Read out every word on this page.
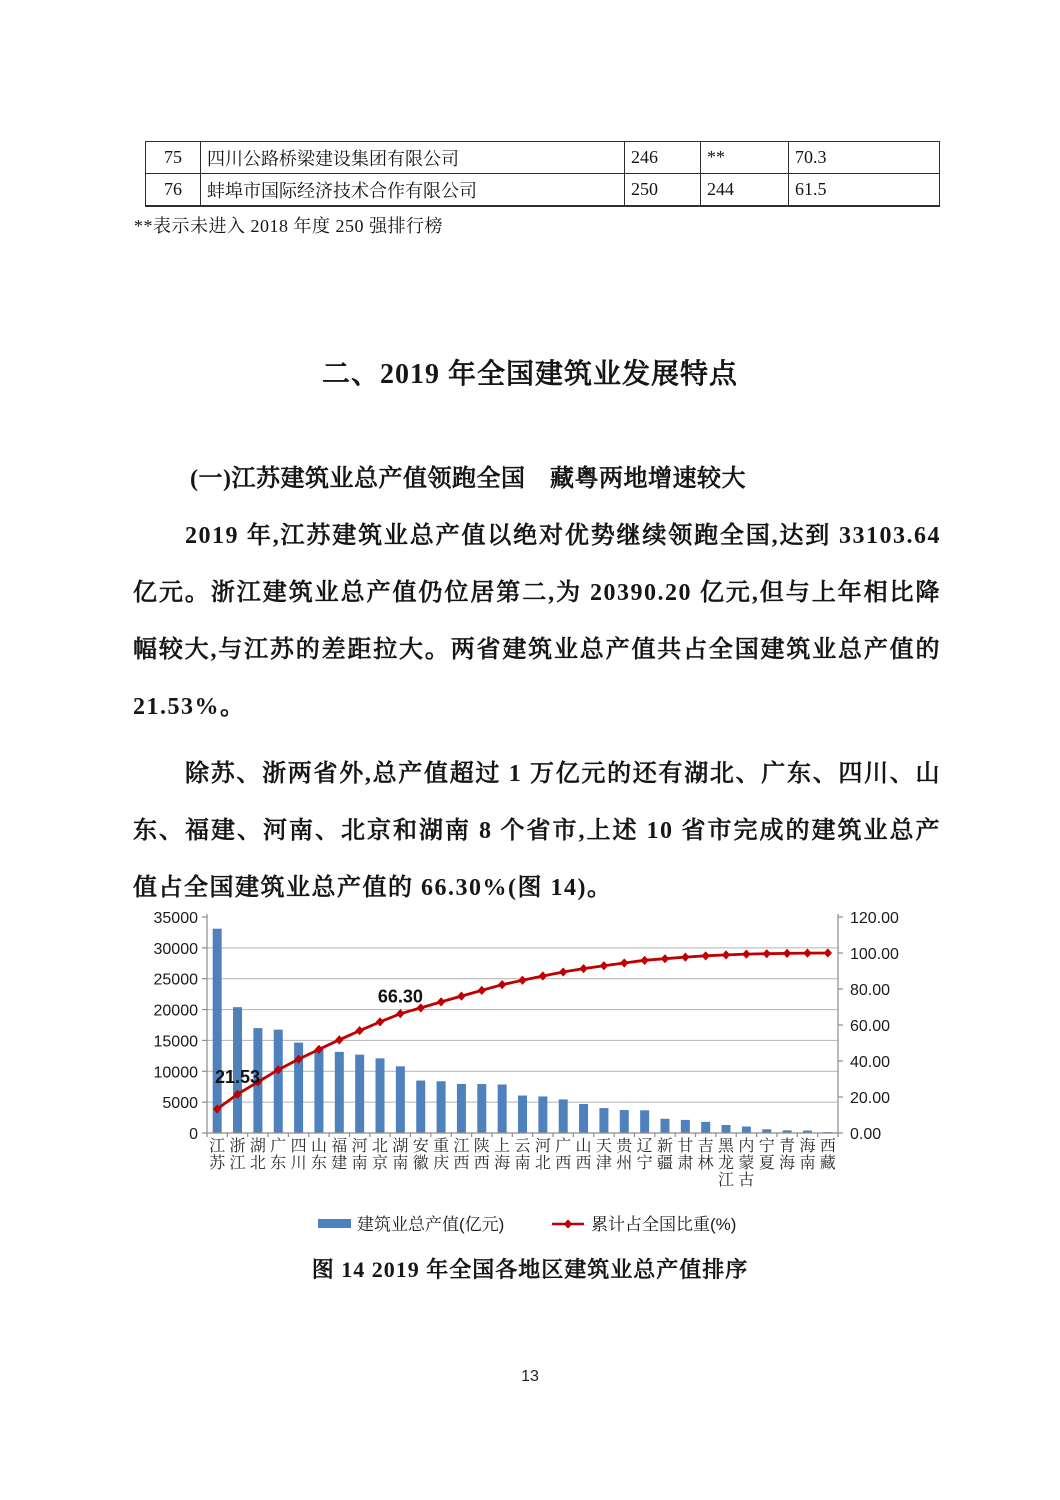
75	四川公路桥梁建设集团有限公司	246	**	70.3
76	蚌埠市国际经济技术合作有限公司	250	244	61.5
**表示未进入 2018 年度 250 强排行榜
二、2019 年全国建筑业发展特点
(一)江苏建筑业总产值领跑全国　藏粤两地增速较大

2019 年,江苏建筑业总产值以绝对优势继续领跑全国,达到 33103.64 亿元。浙江建筑业总产值仍位居第二,为 20390.20 亿元,但与上年相比降幅较大,与江苏的差距拉大。两省建筑业总产值共占全国建筑业总产值的 21.53%。

除苏、浙两省外,总产值超过 1 万亿元的还有湖北、广东、四川、山东、福建、河南、北京和湖南 8 个省市,上述 10 省市完成的建筑业总产值占全国建筑业总产值的 66.30%(图 14)。

0
5000
10000
15000
20000
25000
30000
35000
0.00
20.00
40.00
60.00
80.00
100.00
120.00
江
苏
浙
江
湖
北
广
东
四
川
山
东
福
建
河
南
北
京
湖
南
安
徽
重
庆
江
西
陕
西
上
海
云
南
河
北
广
西
山
西
天
津
贵
州
辽
宁
新
疆
甘
肃
吉
林
黑
龙
江
内
蒙
古
宁
夏
青
海
海
南
西
藏
21.53
66.30
建筑业总产值(亿元)	累计占全国比重(%)
图 14 2019 年全国各地区建筑业总产值排序
13
